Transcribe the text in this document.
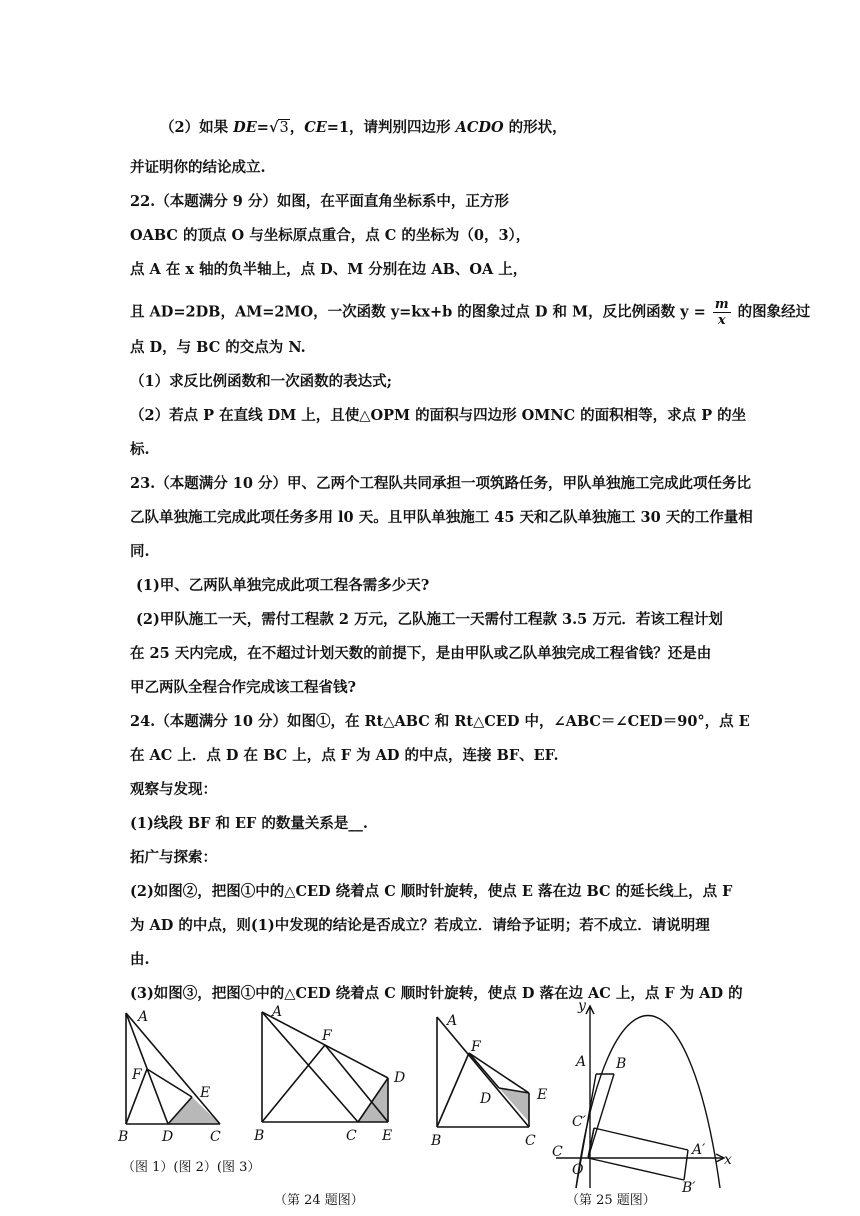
（2）如果 DE=√3，CE=1，请判别四边形 ACDO 的形状，
并证明你的结论成立.
22.（本题满分 9 分）如图，在平面直角坐标系中，正方形
OABC 的顶点 O 与坐标原点重合，点 C 的坐标为（0，3），
点 A 在 x 轴的负半轴上，点 D、M 分别在边 AB、OA 上，
且 AD=2DB，AM=2MO，一次函数 y=kx+b 的图象过点 D 和 M，反比例函数 $y = \frac{m}{x}$ 的图象经过
点 D，与 BC 的交点为 N.
（1）求反比例函数和一次函数的表达式;
（2）若点 P 在直线 DM 上，且使△OPM 的面积与四边形 OMNC 的面积相等，求点 P 的坐
标.
23.（本题满分 10 分）甲、乙两个工程队共同承担一项筑路任务，甲队单独施工完成此项任务比
乙队单独施工完成此项任务多用 l0 天。且甲队单独施工 45 天和乙队单独施工 30 天的工作量相
同.
(1)甲、乙两队单独完成此项工程各需多少天?
(2)甲队施工一天，需付工程款 2 万元，乙队施工一天需付工程款 3.5 万元．若该工程计划
在 25 天内完成，在不超过计划天数的前提下，是由甲队或乙队单独完成工程省钱？还是由
甲乙两队全程合作完成该工程省钱?
24.（本题满分 10 分）如图①，在 Rt△ABC 和 Rt△CED 中，∠ABC＝∠CED＝90°，点 E
在 AC 上．点 D 在 BC 上，点 F 为 AD 的中点，连接 BF、EF.
观察与发现：
(1)线段 BF 和 EF 的数量关系是__.
拓广与探索：
(2)如图②，把图①中的△CED 绕着点 C 顺时针旋转，使点 E 落在边 BC 的延长线上，点 F
为 AD 的中点，则(1)中发现的结论是否成立？若成立．请给予证明；若不成立．请说明理
由.
(3)如图③，把图①中的△CED 绕着点 C 顺时针旋转，使点 D 落在边 AC 上，点 F 为 AD 的
A
F
E
B D	C
A
F
D
B	C E
A
F
D	E
B	C
y
A B
C′
C
O
A′
x
B′
（图 1）(图 2）(图 3）
（第 24 题图）	（第 25 题图）
